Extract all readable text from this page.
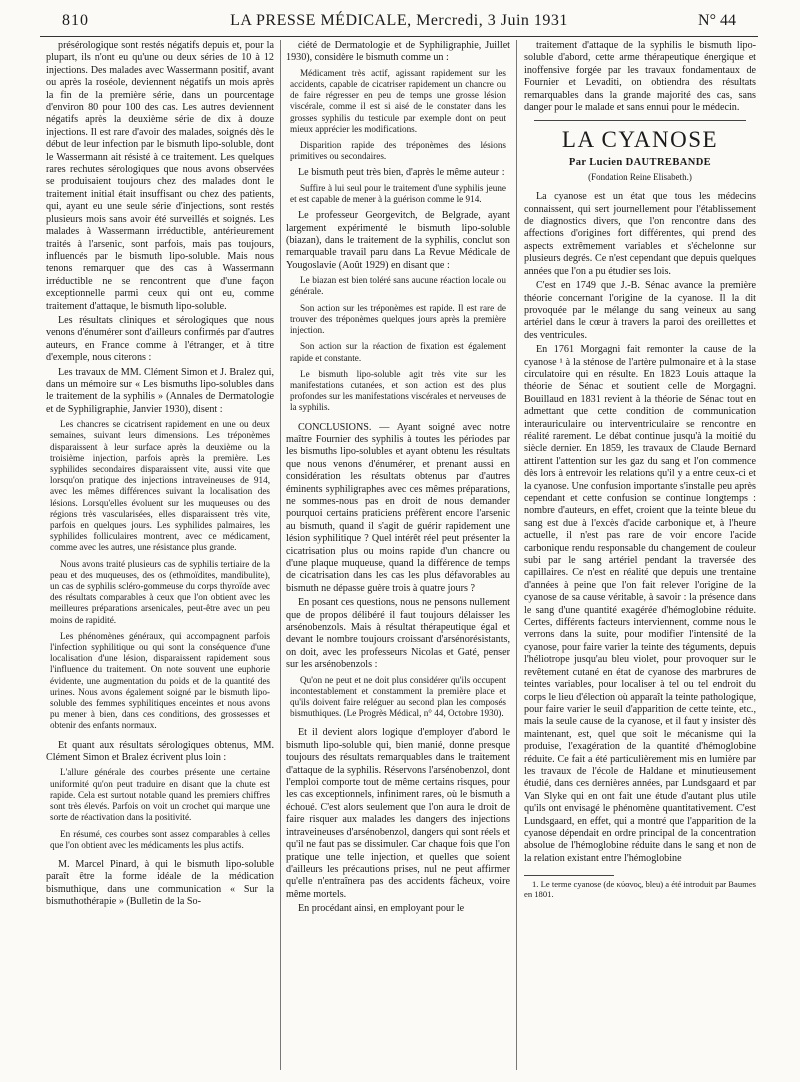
810	LA PRESSE MÉDICALE, Mercredi, 3 Juin 1931	N° 44

présérologique sont restés négatifs depuis et, pour la plupart, ils n'ont eu qu'une ou deux séries de 10 à 12 injections. Des malades avec Wassermann positif, avant ou après la roséole, deviennent négatifs un mois après la fin de la première série, dans un pourcentage d'environ 80 pour 100 des cas. Les autres deviennent négatifs après la deuxième série de dix à douze injections. Il est rare d'avoir des malades, soignés dès le début de leur infection par le bismuth lipo-soluble, dont le Wassermann ait résisté à ce traitement. Les quelques rares rechutes sérologiques que nous avons observées se produisaient toujours chez des malades dont le traitement initial était insuffisant ou chez des patients, qui, ayant eu une seule série d'injections, sont restés plusieurs mois sans avoir été surveillés et soignés. Les malades à Wassermann irréductible, antérieurement traités à l'arsenic, sont parfois, mais pas toujours, influencés par le bismuth lipo-soluble. Mais nous tenons remarquer que des cas à Wassermann irréductible ne se rencontrent que d'une façon exceptionnelle parmi ceux qui ont eu, comme traitement d'attaque, le bismuth lipo-soluble.

Les résultats cliniques et sérologiques que nous venons d'énumérer sont d'ailleurs confirmés par d'autres auteurs, en France comme à l'étranger, et à titre d'exemple, nous citerons :

Les travaux de MM. Clément Simon et J. Bralez qui, dans un mémoire sur « Les bismuths lipo-solubles dans le traitement de la syphilis » (Annales de Dermatologie et de Syphiligraphie, Janvier 1930), disent :

Les chancres se cicatrisent rapidement en une ou deux semaines, suivant leurs dimensions. Les tréponèmes disparaissent à leur surface après la deuxième ou la troisième injection, parfois après la première. Les syphilides secondaires disparaissent vite, aussi vite que lorsqu'on pratique des injections intraveineuses de 914, avec les mêmes différences suivant la localisation des lésions. Lorsqu'elles évoluent sur les muqueuses ou des régions très vascularisées, elles disparaissent très vite, parfois en quelques jours. Les syphilides palmaires, les syphilides folliculaires montrent, avec ce médicament, comme avec les autres, une résistance plus grande.

Nous avons traité plusieurs cas de syphilis tertiaire de la peau et des muqueuses, des os (ethmoïdites, mandibulite), un cas de syphilis scléro-gommeuse du corps thyroïde avec des résultats comparables à ceux que l'on obtient avec les meilleures préparations arsenicales, peut-être avec un peu moins de rapidité.

Les phénomènes généraux, qui accompagnent parfois l'infection syphilitique ou qui sont la conséquence d'une localisation d'une lésion, disparaissent rapidement sous l'influence du traitement. On note souvent une euphorie évidente, une augmentation du poids et de la quantité des urines. Nous avons également soigné par le bismuth lipo-soluble des femmes syphilitiques enceintes et nous avons pu mener à bien, dans ces conditions, des grossesses et obtenir des enfants normaux.

Et quant aux résultats sérologiques obtenus, MM. Clément Simon et Bralez écrivent plus loin :

L'allure générale des courbes présente une certaine uniformité qu'on peut traduire en disant que la chute est rapide. Cela est surtout notable quand les premiers chiffres sont très élevés. Parfois on voit un crochet qui marque une sorte de réactivation dans la positivité.

En résumé, ces courbes sont assez comparables à celles que l'on obtient avec les médicaments les plus actifs.

M. Marcel Pinard, à qui le bismuth lipo-soluble paraît être la forme idéale de la médication bismuthique, dans une communication « Sur la bismuthothérapie » (Bulletin de la So-

ciété de Dermatologie et de Syphiligraphie, Juillet 1930), considère le bismuth comme un :

Médicament très actif, agissant rapidement sur les accidents, capable de cicatriser rapidement un chancre ou de faire régresser en peu de temps une grosse lésion viscérale, comme il est si aisé de le constater dans les grosses syphilis du testicule par exemple dont on peut mieux apprécier les modifications.

Disparition rapide des tréponèmes des lésions primitives ou secondaires.

Le bismuth peut très bien, d'après le même auteur :

Suffire à lui seul pour le traitement d'une syphilis jeune et est capable de mener à la guérison comme le 914.

Le professeur Georgevitch, de Belgrade, ayant largement expérimenté le bismuth lipo-soluble (biazan), dans le traitement de la syphilis, conclut son remarquable travail paru dans La Revue Médicale de Yougoslavie (Août 1929) en disant que :

Le biazan est bien toléré sans aucune réaction locale ou générale.

Son action sur les tréponèmes est rapide. Il est rare de trouver des tréponèmes quelques jours après la première injection.

Son action sur la réaction de fixation est également rapide et constante.

Le bismuth lipo-soluble agit très vite sur les manifestations cutanées, et son action est des plus profondes sur les manifestations viscérales et nerveuses de la syphilis.

CONCLUSIONS. — Ayant soigné avec notre maître Fournier des syphilis à toutes les périodes par les bismuths lipo-solubles et ayant obtenu les résultats que nous venons d'énumérer, et prenant aussi en considération les résultats obtenus par d'autres éminents syphiligraphes avec ces mêmes préparations, ne sommes-nous pas en droit de nous demander pourquoi certains praticiens préfèrent encore l'arsenic au bismuth, quand il s'agit de guérir rapidement une lésion syphilitique ? Quel intérêt réel peut présenter la cicatrisation plus ou moins rapide d'un chancre ou d'une plaque muqueuse, quand la différence de temps de cicatrisation dans les cas les plus défavorables au bismuth ne dépasse guère trois à quatre jours ?

En posant ces questions, nous ne pensons nullement que de propos délibéré il faut toujours délaisser les arsénobenzols. Mais à résultat thérapeutique égal et devant le nombre toujours croissant d'arsénorésistants, on doit, avec les professeurs Nicolas et Gaté, penser sur les arsénobenzols :

Qu'on ne peut et ne doit plus considérer qu'ils occupent incontestablement et constamment la première place et qu'ils doivent faire reléguer au second plan les composés bismuthiques. (Le Progrès Médical, n° 44, Octobre 1930).

Et il devient alors logique d'employer d'abord le bismuth lipo-soluble qui, bien manié, donne presque toujours des résultats remarquables dans le traitement d'attaque de la syphilis. Réservons l'arsénobenzol, dont l'emploi comporte tout de même certains risques, pour les cas exceptionnels, infiniment rares, où le bismuth a échoué. C'est alors seulement que l'on aura le droit de faire risquer aux malades les dangers des injections intraveineuses d'arsénobenzol, dangers qui sont réels et qu'il ne faut pas se dissimuler. Car chaque fois que l'on pratique une telle injection, et quelles que soient d'ailleurs les précautions prises, nul ne peut affirmer qu'elle n'entraînera pas des accidents fâcheux, voire même mortels.

En procédant ainsi, en employant pour le

traitement d'attaque de la syphilis le bismuth lipo-soluble d'abord, cette arme thérapeutique énergique et inoffensive forgée par les travaux fondamentaux de Fournier et Levaditi, on obtiendra des résultats remarquables dans la grande majorité des cas, sans danger pour le malade et sans ennui pour le médecin.

LA CYANOSE
Par Lucien DAUTREBANDE
(Fondation Reine Elisabeth.)

La cyanose est un état que tous les médecins connaissent, qui sert journellement pour l'établissement de diagnostics divers, que l'on rencontre dans des affections d'origines fort différentes, qui prend des aspects extrêmement variables et s'échelonne sur plusieurs degrés. Ce n'est cependant que depuis quelques années que l'on a pu étudier ses lois.

C'est en 1749 que J.-B. Sénac avance la première théorie concernant l'origine de la cyanose. Il la dit provoquée par le mélange du sang veineux au sang artériel dans le cœur à travers la paroi des oreillettes et des ventricules.

En 1761 Morgagni fait remonter la cause de la cyanose ¹ à la sténose de l'artère pulmonaire et à la stase circulatoire qui en résulte. En 1823 Louis attaque la théorie de Sénac et soutient celle de Morgagni. Bouillaud en 1831 revient à la théorie de Sénac tout en admettant que cette condition de communication interauriculaire ou interventriculaire se rencontre en réalité rarement. Le débat continue jusqu'à la moitié du siècle dernier. En 1859, les travaux de Claude Bernard attirent l'attention sur les gaz du sang et l'on commence dès lors à entrevoir les relations qu'il y a entre ceux-ci et la cyanose. Une confusion importante s'installe peu après cependant et cette confusion se continue longtemps : nombre d'auteurs, en effet, croient que la teinte bleue du sang est due à l'excès d'acide carbonique et, à l'heure actuelle, il n'est pas rare de voir encore l'acide carbonique rendu responsable du changement de couleur subi par le sang artériel pendant la traversée des capillaires. Ce n'est en réalité que depuis une trentaine d'années à peine que l'on fait relever l'origine de la cyanose de sa cause véritable, à savoir : la présence dans le sang d'une quantité exagérée d'hémoglobine réduite. Certes, différents facteurs interviennent, comme nous le verrons dans la suite, pour modifier l'intensité de la cyanose, pour faire varier la teinte des téguments, depuis l'héliotrope jusqu'au bleu violet, pour provoquer sur le revêtement cutané en état de cyanose des marbrures de teintes variables, pour localiser à tel ou tel endroit du corps le lieu d'élection où apparaît la teinte pathologique, pour faire varier le seuil d'apparition de cette teinte, etc., mais la seule cause de la cyanose, et il faut y insister dès maintenant, est, quel que soit le mécanisme qui la produise, l'exagération de la quantité d'hémoglobine réduite. Ce fait a été particulièrement mis en lumière par les travaux de l'école de Haldane et minutieusement étudié, dans ces dernières années, par Lundsgaard et par Van Slyke qui en ont fait une étude d'autant plus utile qu'ils ont envisagé le phénomène quantitativement. C'est Lundsgaard, en effet, qui a montré que l'apparition de la cyanose dépendait en ordre principal de la concentration absolue de l'hémoglobine réduite dans le sang et non de la relation existant entre l'hémoglobine

1. Le terme cyanose (de κύανος, bleu) a été introduit par Baumes en 1801.
